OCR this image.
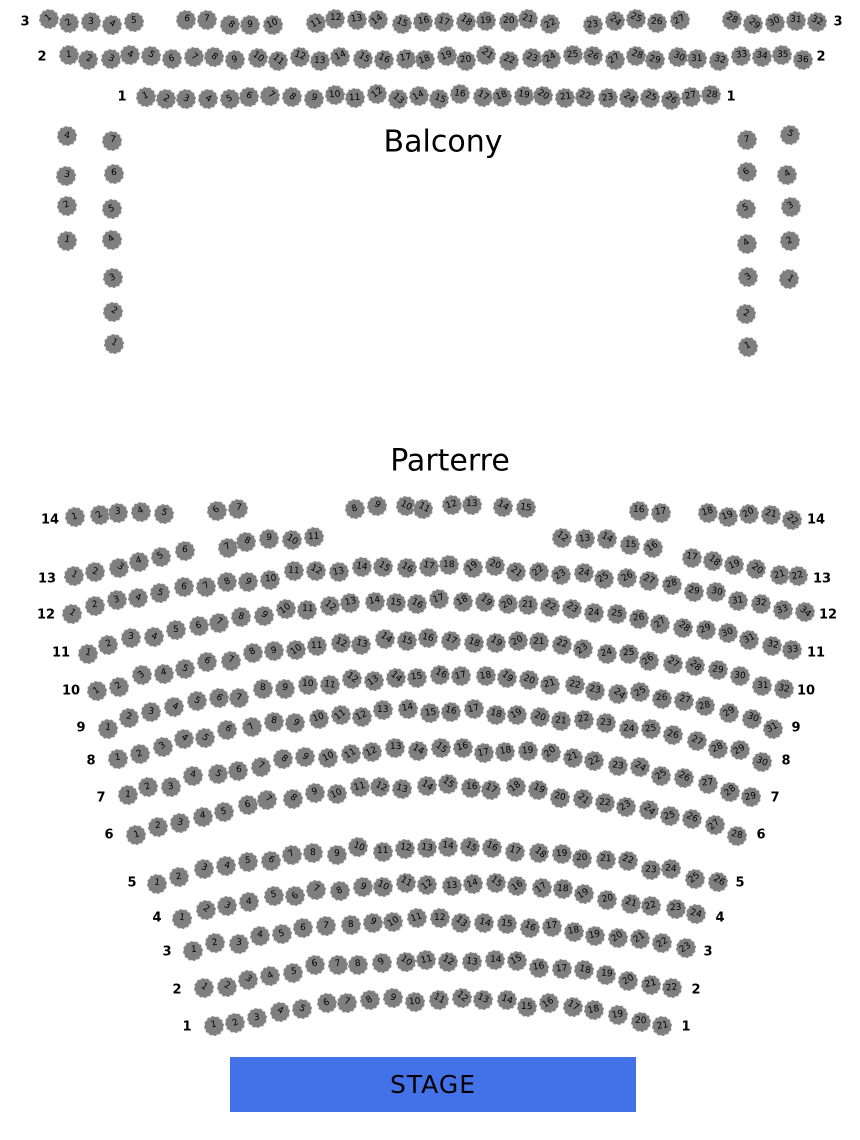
Balcony
Parterre
3	3
1 2 3 4 5	6 7 8 9 10	11 12 13 14 15 16 17 18 19 20 21 22	23 24 25 26 27	28 29 30 31 32
2	2
1 2 3 4 5 6 7 8 9 10 11 12 13 14 15 16 17 18 19 20 21 22 23 24 25 26 27 28 29 30 31 32 33 34 35 36
1	1
1 2 3 4 5 6 7 8 9 10 11 12 13 14 15 16 17 18 19 20 21 22 23 24 25 26 27 28
4
3
2
1
7
6
5
4
3
2
1
7
6
5
4
3
2
1
5
4
3
2
1
1 2 3 4 5	6 7	8 9 10 11 12 13 14 15	16 17	18 19 20 21 22
14	14
1 2 3
4 5
6	7
8 9 10 11	12 13 14 15 16
17 18 19 20 21 22
13	13
1
2 3 4 5
6 7 8 9 10
11 12 13 14 15 16 17 18 19 20 21 22 23 24 25 26 27 28
29 30
31 32 33 34
12	12
1
2
3 4
5 6 7
8 9 10 11 12 13 14 15 16 17 18 19 20 21 22 23 24 25 26 27 28 29 30 31 32 33
11	11
1 2
3 4 5
6 7
8 9 10 11 12 13 14 15 16 17 18 19 20 21 22 23 24 25 26 27 28 29 30
31 32
10	10
1
2 3 4
5 6 7
8 9 10 11 12 13 14 15 16 17 18 19 20 21 22 23 24 25 26 27 28 29 30
31
9	9
1 2
3
4 5
6 7
8 9 10 11 12 13 14 15 16 17 18 19 20 21 22 23
24 25
26 27
28 29
30
8	8
1
2 3
4 5 6 7
8 9 10 11 12 13 14 15 16 17 18 19 20 21 22 23 24
25 26 27
28 29
7	7
1
2 3
4 5
6 7 8
9 10
11 12 13 14 15 16 17 18 19
20 21 22 23 24 25 26 27
28
6	6
1
2
3 4 5 6
7 8 9
10 11 12 13 14 15 16 17 18 19 20 21 22
23 24
25 26
5	5
1
2 3 4
5 6
7 8 9 10 11 12 13 14 15 16 17 18 19 20 21 22 23 24
4	4
1
2 3
4 5
6 7 8 9 10 11 12 13 14 15 16 17 18 19 20 21 22 23
3	3
1 2
3 4 5
6 7 8 9 10 11 12 13 14 15 16 17 18 19 20 21 22
2	2
1 2 3
4 5
6 7 8 9 10 11 12 13 14
15 16 17 18 19
20 21
1	1
STAGE
